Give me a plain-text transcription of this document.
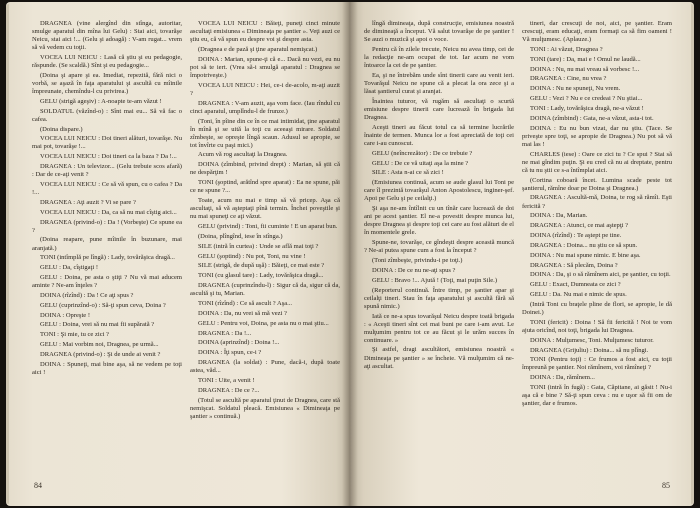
DRAGNEA (vine alergînd din stînga, autoritar, smulge aparatul din mîna lui Gelu) : Stai aici, tovarăşe Neicu, stai aici !... (Gelu şi adoagă) : V-am rugat... vrem să vă vedem cu toţii.

VOCEA LUI NEICU : Lasă că ştiu şi eu pedagogie, răspunde. (Se scaldă.) Sînt şi eu pedagogie...

(Doina şi apare şi ea. Imediat, repezită, fără nici o vorbă, se aşază în faţa aparatului şi ascultă cu mîinile împreunate, chemîndu-l cu privirea.)

GELU (strigă ageşiv) : A-noapte te-am văzut !

SOLDATUL (văzînd-o) : Sînt mai eu... Să vă fac o cafea.

(Doina dispare.)

VOCEA LUI NEICU : Doi tineri alături, tovarăşe. Nu mai pot, tovarăşe !...

VOCEA LUI NEICU : Doi tineri ca la baza ? Da !...

DRAGNEA : Un televizor... (Gelu trebuie scos afară) : Dar de ce-aţi venit ?

VOCEA LUI NEICU : Ce să vă spun, cu o cafea ? Da !...

DRAGNEA : Aţi auzit ? Vi se pare ?

VOCEA LUI NEICU : Da, ca să nu mai cîştig aici...

DRAGNEA (privind-o) : Da ! (Vorbeşte) Ce spune ea ?

(Doina reapare, pune mîinile în buzunare, mai aranjată.)

TONI (intîmplă pe lîngă) : Lady, tovărăşica dragă...

GELU : Da, cîştigaţi !

GELU : Doina, pe asta o ştiţi ? Nu vă mai aducem aminte ? Ne-am înţeles ?

DOINA (rîzînd) : Da ! Ce aţi spus ?

GELU (cuprinzînd-o) : Să-ţi spun ceva, Doina ?

DOINA : Opreşte !

GELU : Doina, vrei să nu mai fii supărată ?

TONI : Şi mie, tu ce zici ?

GELU : Mai vorbim noi, Dragnea, pe urmă...

DRAGNEA (privind-o) : Şi de unde ai venit ?

DOINA : Spuneţi, mai bine aşa, să ne vedem pe toţi aici !

VOCEA LUI NEICU : Băieţi, puneţi cinci minute ascultaţi emisiunea « Dimineaţa pe şantier ». Veţi auzi ce ştiu eu, că vă spun eu despre voi şi despre asta.

(Dragnea e de pază şi ţine aparatul nemişcat.)

DOINA : Marian, spune-ţi că e... Dacă nu vezi, eu nu pot să te iert. (Vrea să-i smulgă aparatul : Dragnea se împotriveşte.)

VOCEA LUI NEICU : Hei, ce-i de-acolo, m-aţi auzit ?

DRAGNEA : V-am auzit, aşa vom face. (Iau rîndul cu cinci aparatul, umplîndu-l de frunze.)

(Toni, în pîine din ce în ce mai intimidat, ţine aparatul în mînă şi se uită la toţi cu aceeaşi mirare. Soldatul zîmbeşte, se opreşte lîngă scaun. Adusul se apropie, se tot învîrte cu paşi mici.)

Acum vă rog ascultaţi la Dragnea.

DOINA (zîmbind, privind drept) : Marian, să ştii că ne despărţim !

TONI (şoptind, arătînd spre aparat) : Ea ne spune, păi ce ne spune ?...

Toate, acum nu mai e timp să vă pricep. Aşa că ascultaţi, să vă aşteptaţi pînă termin. Închei poveştile şi nu mai spuneţi ce aţi văzut.

GELU (privind) : Toni, fii cuminte ! E un aparat bun.

(Doina, plîngînd, iese în stînga.)

SILE (intră în curtea) : Unde se află mai toţi ?

GELU (şoptind) : Nu pot, Toni, nu vine !

SILE (strigă, de după uşă) : Băieţi, ce mai este ?

TONI (cu glasul tare) : Lady, tovărăşica dragă...

DRAGNEA (cuprinzîndu-l) : Sigur că da, sigur că da, ascultă şi tu, Marian.

TONI (rîzînd) : Ce să ascult ? Aşa...

DOINA : Da, nu vrei să mă vezi ?

GELU : Pentru voi, Doina, pe asta nu o mai ştiu...

DRAGNEA : Da !...

DOINA (aprinzînd) : Doina !...

DOINA : Îţi spun, ce-i ?

DRAGNEA (la soldat) : Pune, dacă-i, după toate astea, văd...

TONI : Uite, a venit !

DRAGNEA : De ce ?...

(Totul se ascultă pe aparatul ţinut de Dragnea, care stă nemişcat. Soldatul pleacă. Emisiunea « Dimineaţa pe şantier » continuă.)

84

lîngă dimineaţa, după construcţie, emisiunea noastră de dimineaţă a început. Vă salut tovarăşe de pe şantier ! Se auzi o muzică şi apoi o voce.

Pentru că în zilele trecute, Neicu nu avea timp, cei de la redacţie ne-am ocupat de tot. Iar acum ne vom întoarce la cei de pe şantier.

Ea, şi ne întrebăm unde sînt tinerii care au venit ieri. Tovarăşul Neicu ne spune că a plecat la ora zece şi a lăsat şantierul curat şi aranjat.

Înaintea tuturor, vă rugăm să ascultaţi o scurtă emisiune despre tinerii care lucrează în brigada lui Dragnea.

Aceşti tineri au făcut totul ca să termine lucrările înainte de termen. Munca lor a fost apreciată de toţi cei care i-au cunoscut.

GELU (neîncrezător) : De ce trebuie ?

GELU : De ce vă uitaţi aşa la mine ?

SILE : Asta n-ai ce să zici !

(Emisiunea continuă, acum se aude glasul lui Toni pe care îl prezintă tovarăşul Anton Apostolescu, inginer-şef. Apoi pe Gelu şi pe ceilalţi.)

Şi aşa ne-am întîlnit cu un tînăr care lucrează de doi ani pe acest şantier. El ne-a povestit despre munca lui, despre Dragnea şi despre toţi cei care au fost alături de el în momentele grele.

Spune-ne, tovarăşe, ce gîndeşti despre această muncă ? Ne-ai putea spune cum a fost la început ?

(Toni zîmbeşte, privindu-i pe toţi.)

DOINA : De ce nu ne-aţi spus ?

GELU : Bravo !... Ajută ! (Toţi, mai puţin Sile.)

(Reporterul continuă. Între timp, pe şantier apar şi ceilalţi tineri. Stau în faţa aparatului şi ascultă fără să spună nimic.)

Iată ce ne-a spus tovarăşul Neicu despre toată brigada : « Aceşti tineri sînt cei mai buni pe care i-am avut. Le mulţumim pentru tot ce au făcut şi le urăm succes în continuare. »

Şi astfel, dragi ascultători, emisiunea noastră « Dimineaţa pe şantier » se încheie. Vă mulţumim că ne-aţi ascultat.

tineri, dar crescuţi de noi, aici, pe şantier. Eram crescuţi, eram educaţi, eram formaţi ca să fim oameni ! Vă mulţumesc. (Aplauze.)

TONI : Ai văzut, Dragnea ?

TONI (tare) : Da, mai e ! Omul ne laudă...

DOINA : Nu, nu mai vreau să vorbesc !...

DRAGNEA : Cine, nu vrea ?

DOINA : Nu ne spuneţi, Nu vrem.

GELU : Vezi ? Nu e ce credeai ? Nu ştiai...

TONI : Lady, tovărăşica dragă, ne-a văzut !

DOINA (zîmbind) : Gata, ne-a văzut, asta-i tot.

DOINA : Eu nu bun vizat, dar nu ştiu. (Tace. Se priveşte spre toţi, se apropie de Dragnea.) Nu pot să vă mai las !

CHARLES (iese) : Oare ce zici tu ? Ce spui ? Stai să ne mai gîndim puţin. Şi eu cred că nu ai dreptate, pentru că tu nu ştii ce s-a întîmplat aici.

(Cortina coboară încet. Lumina scade peste tot şantierul, rămîne doar pe Doina şi Dragnea.)

DRAGNEA : Ascultă-mă, Doina, te rog să rămîi. Eşti fericită ?

DOINA : Da, Marian.

DRAGNEA : Atunci, ce mai aştepţi ?

DOINA (rîzînd) : Te aştept pe tine.

DRAGNEA : Doina... nu ştiu ce să spun.

DOINA : Nu mai spune nimic. E bine aşa.

DRAGNEA : Să plecăm, Doina ?

DOINA : Da, şi o să rămînem aici, pe şantier, cu toţii.

GELU : Exact, Dumneata ce zici ?

GELU : Da. Nu mai e nimic de spus.

(Intră Toni cu braţele pline de flori, se apropie, le dă Doinei.)

TONI (fericit) : Doina ! Să fii fericită ! Noi te vom ajuta oricînd, noi toţi, brigada lui Dragnea.

DOINA : Mulţumesc, Toni. Mulţumesc tuturor.

DRAGNEA (Grijuliu) : Doina... să nu plîngi.

TONI (Pentru toţi) : Ce frumos a fost aici, cu toţii împreună pe şantier. Noi rămînem, voi rămîneţi ?

DOINA : Da, rămînem...

TONI (intră în fugă) : Gata, Căpitane, ai găsit ! Nu-i aşa că e bine ? Să-ţi spun ceva : nu e uşor să fii om de şantier, dar e frumos.

85
